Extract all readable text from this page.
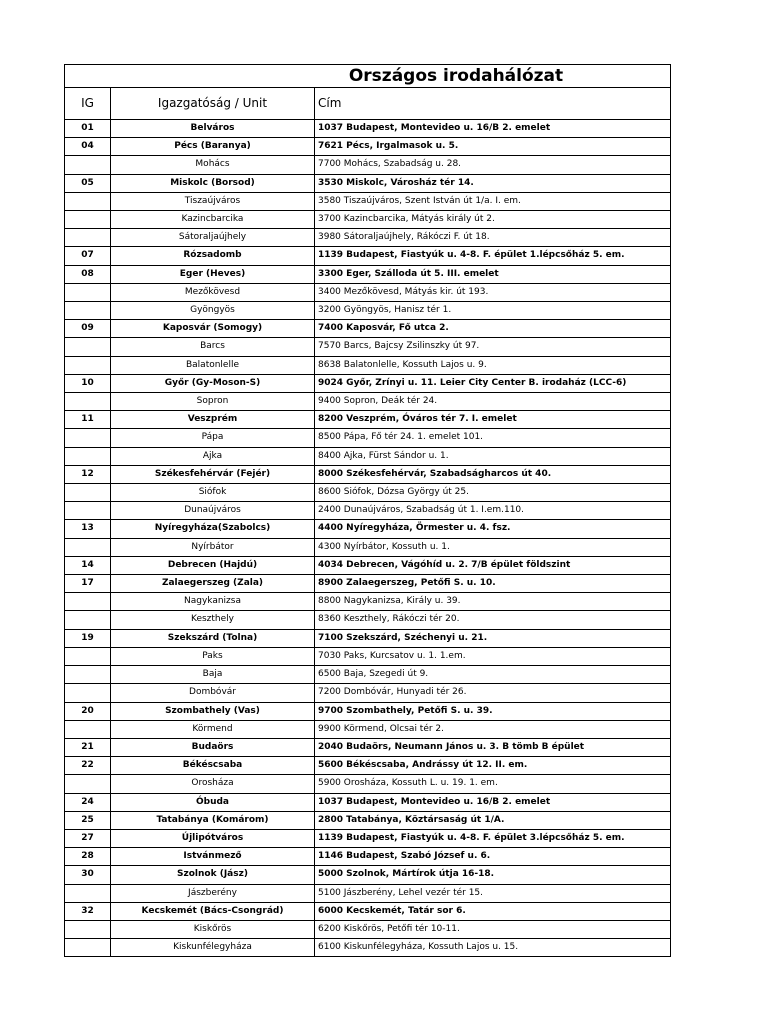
Országos irodahálózat		
IG	Igazgatóság / Unit	Cím
01	Belváros	1037 Budapest, Montevideo u. 16/B 2. emelet
04	Pécs (Baranya)	7621 Pécs, Irgalmasok u. 5.
	Mohács	7700 Mohács, Szabadság u. 28.
05	Miskolc (Borsod)	3530 Miskolc, Városház tér 14.
	Tiszaújváros	3580 Tiszaújváros, Szent István út 1/a. I. em.
	Kazincbarcika	3700 Kazincbarcika, Mátyás király út 2.
	Sátoraljaújhely	3980 Sátoraljaújhely, Rákóczi F. út 18.
07	Rózsadomb	1139 Budapest, Fiastyúk u. 4-8. F. épület 1.lépcsőház 5. em.
08	Eger (Heves)	3300 Eger, Szálloda út 5. III. emelet
	Mezőkövesd	3400 Mezőkövesd, Mátyás kir. út 193.
	Gyöngyös	3200 Gyöngyös, Hanisz tér 1.
09	Kaposvár (Somogy)	7400 Kaposvár, Fő utca 2.
	Barcs	7570 Barcs, Bajcsy Zsilinszky út 97.
	Balatonlelle	8638 Balatonlelle, Kossuth Lajos u. 9.
10	Győr (Gy-Moson-S)	9024 Győr, Zrínyi u. 11. Leier City Center B. irodaház (LCC-6)
	Sopron	9400 Sopron, Deák tér 24.
11	Veszprém	8200 Veszprém, Óváros tér 7. I. emelet
	Pápa	8500 Pápa, Fő tér 24. 1. emelet 101.
	Ajka	8400 Ajka, Fürst Sándor u. 1.
12	Székesfehérvár (Fejér)	8000 Székesfehérvár, Szabadságharcos út 40.
	Siófok	8600 Siófok, Dózsa György út 25.
	Dunaújváros	2400 Dunaújváros, Szabadság út 1. I.em.110.
13	Nyíregyháza(Szabolcs)	4400 Nyíregyháza, Örmester u. 4. fsz.
	Nyírbátor	4300 Nyírbátor, Kossuth u. 1.
14	Debrecen (Hajdú)	4034 Debrecen, Vágóhíd u. 2. 7/B épület földszint
17	Zalaegerszeg (Zala)	8900 Zalaegerszeg, Petőfi S. u. 10.
	Nagykanizsa	8800 Nagykanizsa, Király u. 39.
	Keszthely	8360 Keszthely, Rákóczi tér 20.
19	Szekszárd (Tolna)	7100 Szekszárd, Széchenyi u. 21.
	Paks	7030 Paks, Kurcsatov u. 1. 1.em.
	Baja	6500 Baja, Szegedi út 9.
	Dombóvár	7200 Dombóvár, Hunyadi tér 26.
20	Szombathely (Vas)	9700 Szombathely, Petőfi S. u. 39.
	Körmend	9900 Körmend, Olcsai tér 2.
21	Budaörs	2040 Budaörs, Neumann János u. 3. B tömb B épület
22	Békéscsaba	5600 Békéscsaba, Andrássy út 12. II. em.
	Orosháza	5900 Orosháza, Kossuth L. u. 19. 1. em.
24	Óbuda	1037 Budapest, Montevideo u. 16/B 2. emelet
25	Tatabánya (Komárom)	2800 Tatabánya, Köztársaság út 1/A.
27	Újlipótváros	1139 Budapest, Fiastyúk u. 4-8. F. épület 3.lépcsőház 5. em.
28	Istvánmező	1146 Budapest, Szabó József u. 6.
30	Szolnok (Jász)	5000 Szolnok, Mártírok útja 16-18.
	Jászberény	5100 Jászberény, Lehel vezér tér 15.
32	Kecskemét (Bács-Csongrád)	6000 Kecskemét, Tatár sor 6.
	Kiskőrös	6200 Kiskőrös, Petőfi tér 10-11.
	Kiskunfélegyháza	6100 Kiskunfélegyháza, Kossuth Lajos u. 15.
